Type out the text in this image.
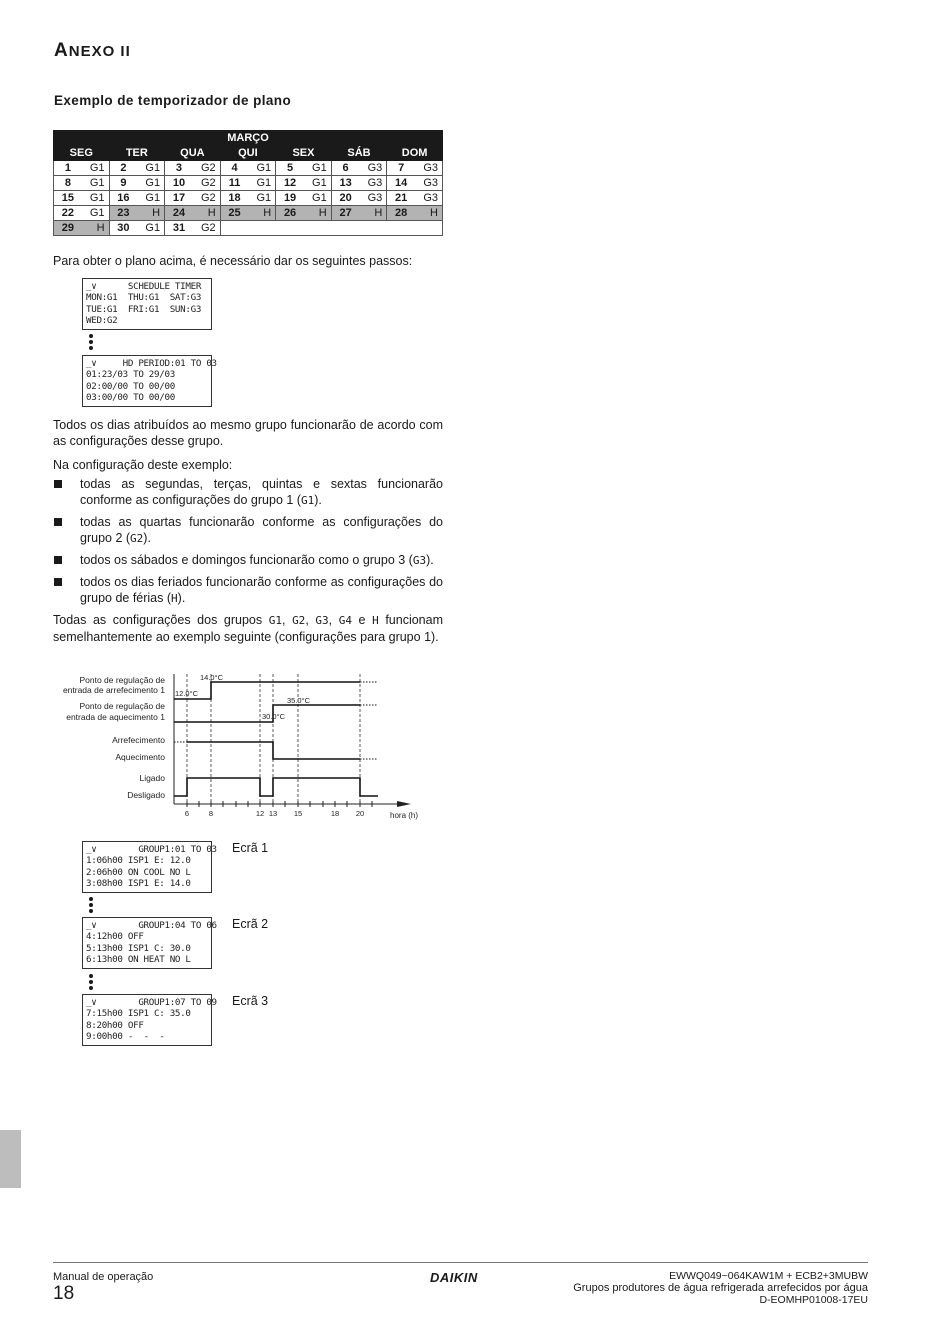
ANEXO II
Exemplo de temporizador de plano
MARÇO													
SEG		TER		QUA		QUI		SEX		SÁB		DOM	
1	G1	2	G1	3	G2	4	G1	5	G1	6	G3	7	G3
8	G1	9	G1	10	G2	11	G1	12	G1	13	G3	14	G3
15	G1	16	G1	17	G2	18	G1	19	G1	20	G3	21	G3
22	G1	23	H	24	H	25	H	26	H	27	H	28	H
29	H	30	G1	31	G2								
Para obter o plano acima, é necessário dar os seguintes passos:
_∨      SCHEDULE TIMER
MON:G1  THU:G1  SAT:G3
TUE:G1  FRI:G1  SUN:G3
WED:G2
_∨     HD PERIOD:01 TO 03
01:23/03 TO 29/03
02:00/00 TO 00/00
03:00/00 TO 00/00
Todos os dias atribuídos ao mesmo grupo funcionarão de acordo com as configurações desse grupo.
Na configuração deste exemplo:
todas as segundas, terças, quintas e sextas funcionarão conforme as configurações do grupo 1 (G1).
todas as quartas funcionarão conforme as configurações do grupo 2 (G2).
todos os sábados e domingos funcionarão como o grupo 3 (G3).
todos os dias feriados funcionarão conforme as configurações do grupo de férias (H).
Todas as configurações dos grupos G1, G2, G3, G4 e H funcionam semelhantemente ao exemplo seguinte (configurações para grupo 1).
Ponto de regulação de
entrada de arrefecimento 1
Ponto de regulação de
entrada de aquecimento 1
Arrefecimento
Aquecimento
Ligado
Desligado
14.0°C
12.0°C
35.0°C
30.0°C
6	8	12 13 15	18 20	hora (h)
_∨        GROUP1:01 TO 03
1:06h00 ISP1 E: 12.0
2:06h00 ON COOL NO L
3:08h00 ISP1 E: 14.0
Ecrã 1
_∨        GROUP1:04 TO 06
4:12h00 OFF
5:13h00 ISP1 C: 30.0
6:13h00 ON HEAT NO L
Ecrã 2
_∨        GROUP1:07 TO 09
7:15h00 ISP1 C: 35.0
8:20h00 OFF
9:00h00 -  -  -
Ecrã 3
Manual de operação
18
DAIKIN	EWWQ049~064KAW1M + ECB2+3MUBW
Grupos produtores de água refrigerada arrefecidos por água
D-EOMHP01008-17EU
